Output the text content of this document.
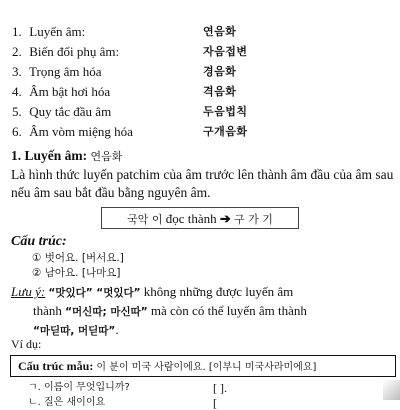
1. Luyến âm:	연음화
2. Biến đổi phụ âm:	자음접변
3. Trọng âm hóa	경음화
4. Âm bật hơi hóa	격음화
5. Quy tắc đầu âm	두음법칙
6. Âm vòm miệng hóa	구개음화
1. Luyến âm: 연음화
Là hình thức luyến patchim của âm trước lên thành âm đầu của âm sau nếu âm sau bắt đầu bằng nguyên âm.
국악 이 đọc thành ➔ 구 가 기
Cấu trúc:
① 벗어요. [버서요.]
② 남아요. [나마요]
Lưu ý: “맛있다” “멋있다” không những được luyến âm
thành “머신따; 마신따” mà còn có thể luyến âm thành
“마딛따, 머딛따”.
Ví dụ:
Cấu trúc mẫu: 이 분이 미국 사람이에요. [이부니 미국사라미에요]
ㄱ. 이름이 무엇입니까?	[ ].
ㄴ. 질은 새이이요	[
